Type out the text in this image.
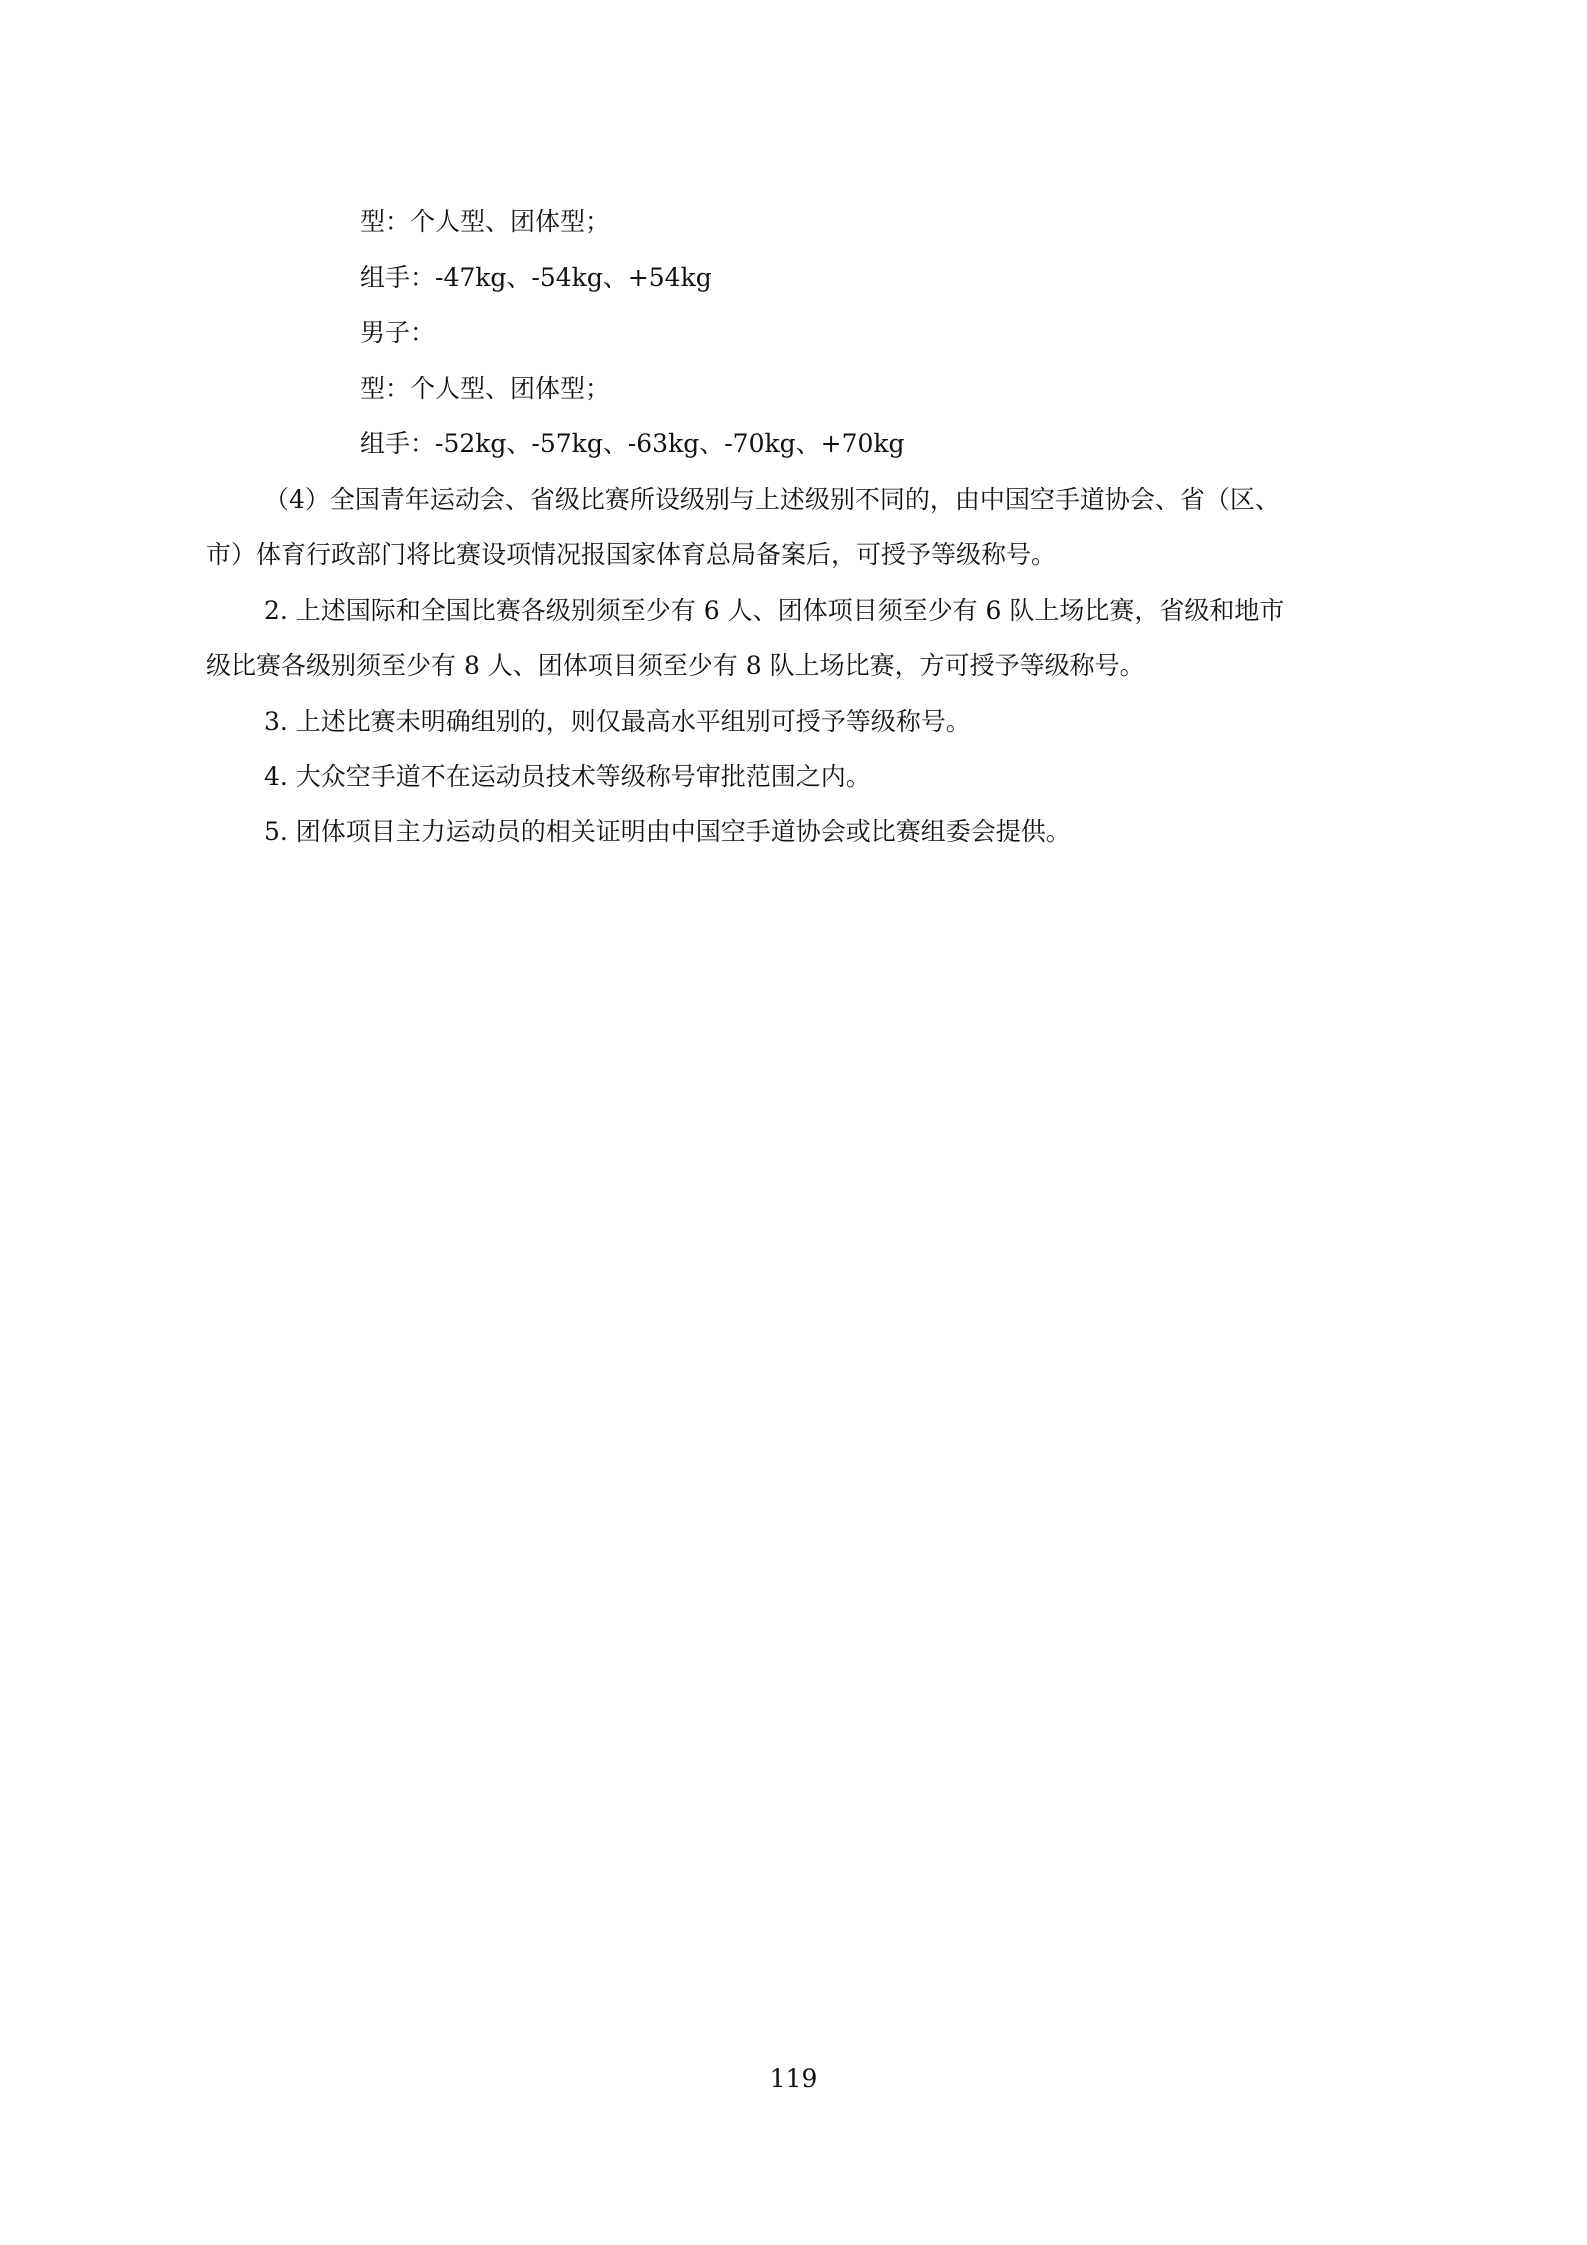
型：个人型、团体型；
组手：-47kg、-54kg、+54kg
男子：
型：个人型、团体型；
组手：-52kg、-57kg、-63kg、-70kg、+70kg
（4）全国青年运动会、省级比赛所设级别与上述级别不同的，由中国空手道协会、省（区、
市）体育行政部门将比赛设项情况报国家体育总局备案后，可授予等级称号。
2. 上述国际和全国比赛各级别须至少有 6 人、团体项目须至少有 6 队上场比赛，省级和地市
级比赛各级别须至少有 8 人、团体项目须至少有 8 队上场比赛，方可授予等级称号。
3. 上述比赛未明确组别的，则仅最高水平组别可授予等级称号。
4. 大众空手道不在运动员技术等级称号审批范围之内。
5. 团体项目主力运动员的相关证明由中国空手道协会或比赛组委会提供。
119
